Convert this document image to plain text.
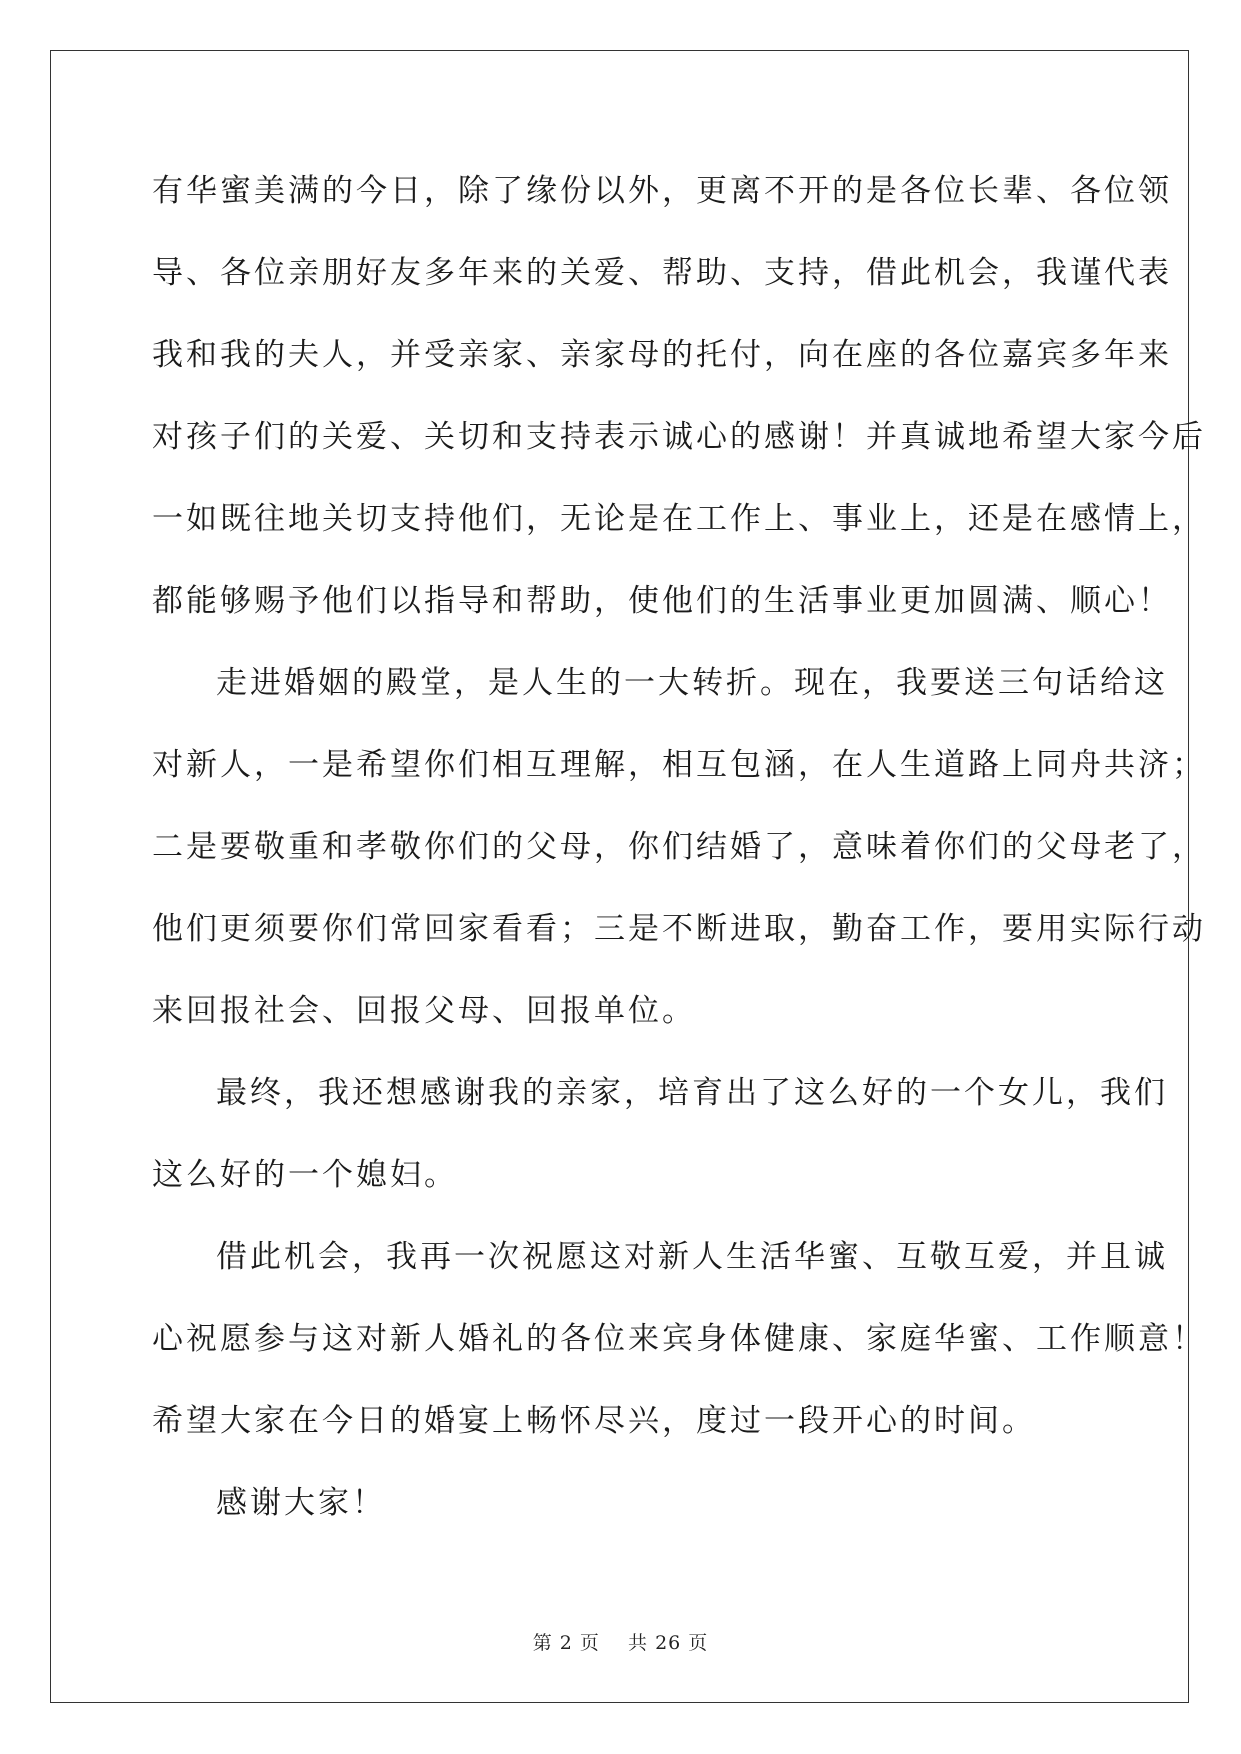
有华蜜美满的今日，除了缘份以外，更离不开的是各位长辈、各位领
导、各位亲朋好友多年来的关爱、帮助、支持，借此机会，我谨代表
我和我的夫人，并受亲家、亲家母的托付，向在座的各位嘉宾多年来
对孩子们的关爱、关切和支持表示诚心的感谢！并真诚地希望大家今后
一如既往地关切支持他们，无论是在工作上、事业上，还是在感情上，
都能够赐予他们以指导和帮助，使他们的生活事业更加圆满、顺心！
走进婚姻的殿堂，是人生的一大转折。现在，我要送三句话给这
对新人，一是希望你们相互理解，相互包涵，在人生道路上同舟共济；
二是要敬重和孝敬你们的父母，你们结婚了，意味着你们的父母老了，
他们更须要你们常回家看看；三是不断进取，勤奋工作，要用实际行动
来回报社会、回报父母、回报单位。
最终，我还想感谢我的亲家，培育出了这么好的一个女儿，我们
这么好的一个媳妇。
借此机会，我再一次祝愿这对新人生活华蜜、互敬互爱，并且诚
心祝愿参与这对新人婚礼的各位来宾身体健康、家庭华蜜、工作顺意！
希望大家在今日的婚宴上畅怀尽兴，度过一段开心的时间。
感谢大家！
第 2 页 共 26 页
